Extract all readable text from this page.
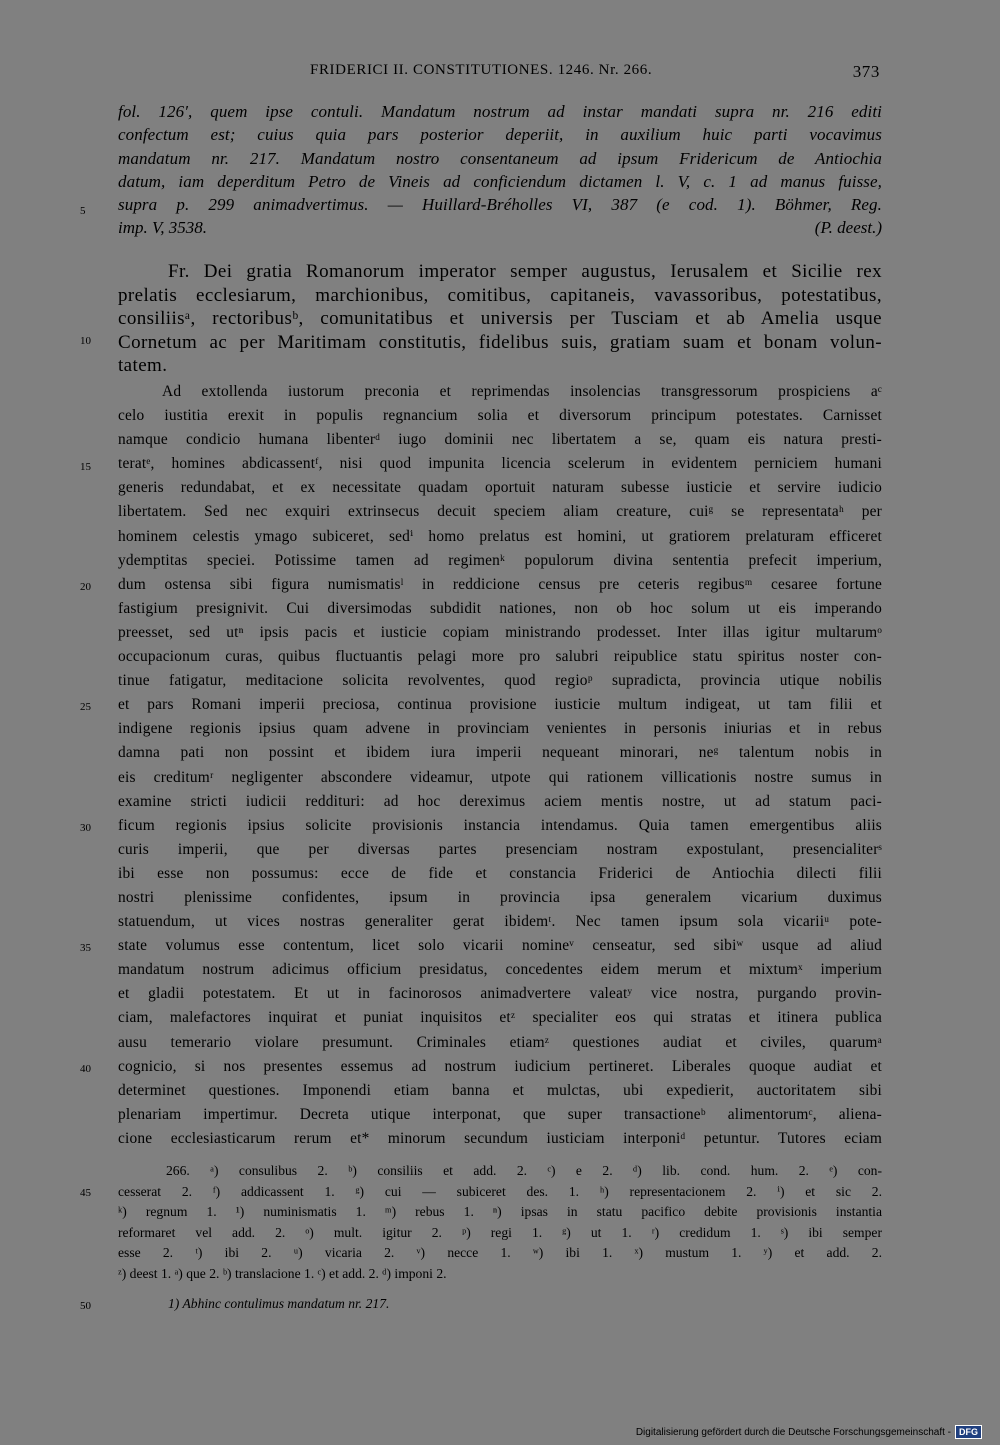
FRIDERICI II. CONSTITUTIONES. 1246. Nr. 266.	373
fol. 126′, quem ipse contuli. Mandatum nostrum ad instar mandati supra nr. 216 editi
confectum est; cuius quia pars posterior deperiit, in auxilium huic parti vocavimus
mandatum nr. 217. Mandatum nostro consentaneum ad ipsum Fridericum de Antiochia
datum, iam deperditum Petro de Vineis ad conficiendum dictamen l. V, c. 1 ad manus fuisse,
supra p. 299 animadvertimus. — Huillard-Bréholles VI, 387 (e cod. 1). Böhmer, Reg.
imp. V, 3538.	(P. deest.)
Fr. Dei gratia Romanorum imperator semper augustus, Ierusalem et Sicilie rex
prelatis ecclesiarum, marchionibus, comitibus, capitaneis, vavassoribus, potestatibus,
consiliisᵃ, rectoribusᵇ, comunitatibus et universis per Tusciam et ab Amelia usque
Cornetum ac per Maritimam constitutis, fidelibus suis, gratiam suam et bonam volun-
tatem.
Ad extollenda iustorum preconia et reprimendas insolencias transgressorum prospiciens aᶜ
celo iustitia erexit in populis regnancium solia et diversorum principum potestates. Carnisset
namque condicio humana libenterᵈ iugo dominii nec libertatem a se, quam eis natura presti-
teratᵉ, homines abdicassentᶠ, nisi quod impunita licencia scelerum in evidentem perniciem humani
generis redundabat, et ex necessitate quadam oportuit naturam subesse iusticie et servire iudicio
libertatem. Sed nec exquiri extrinsecus decuit speciem aliam creature, cuiᵍ se representataʰ per
hominem celestis ymago subiceret, sedⁱ homo prelatus est homini, ut gratiorem prelaturam efficeret
ydemptitas speciei. Potissime tamen ad regimenᵏ populorum divina sententia prefecit imperium,
dum ostensa sibi figura numismatisˡ in reddicione census pre ceteris regibusᵐ cesaree fortune
fastigium presignivit. Cui diversimodas subdidit nationes, non ob hoc solum ut eis imperando
preesset, sed utⁿ ipsis pacis et iusticie copiam ministrando prodesset. Inter illas igitur multarumᵒ
occupacionum curas, quibus fluctuantis pelagi more pro salubri reipublice statu spiritus noster con-
tinue fatigatur, meditacione solicita revolventes, quod regioᵖ supradicta, provincia utique nobilis
et pars Romani imperii preciosa, continua provisione iusticie multum indigeat, ut tam filii et
indigene regionis ipsius quam advene in provinciam venientes in personis iniurias et in rebus
damna pati non possint et ibidem iura imperii nequeant minorari, neᵍ talentum nobis in
eis creditumʳ negligenter abscondere videamur, utpote qui rationem villicationis nostre sumus in
examine stricti iudicii reddituri: ad hoc dereximus aciem mentis nostre, ut ad statum paci-
ficum regionis ipsius solicite provisionis instancia intendamus. Quia tamen emergentibus aliis
curis imperii, que per diversas partes presenciam nostram expostulant, presencialiterˢ
ibi esse non possumus: ecce de fide et constancia Friderici de Antiochia dilecti filii
nostri plenissime confidentes, ipsum in provincia ipsa generalem vicarium duximus
statuendum, ut vices nostras generaliter gerat ibidemᵗ. Nec tamen ipsum sola vicariiᵘ pote-
state volumus esse contentum, licet solo vicarii nomineᵛ censeatur, sed sibiʷ usque ad aliud
mandatum nostrum adicimus officium presidatus, concedentes eidem merum et mixtumˣ imperium
et gladii potestatem. Et ut in facinorosos animadvertere valeatʸ vice nostra, purgando provin-
ciam, malefactores inquirat et puniat inquisitos etᶻ specialiter eos qui stratas et itinera publica
ausu temerario violare presumunt. Criminales etiamᶻ questiones audiat et civiles, quarumᵃ
cognicio, si nos presentes essemus ad nostrum iudicium pertineret. Liberales quoque audiat et
determinet questiones. Imponendi etiam banna et mulctas, ubi expedierit, auctoritatem sibi
plenariam impertimur. Decreta utique interponat, que super transactioneᵇ alimentorumᶜ, aliena-
cione ecclesiasticarum rerum et* minorum secundum iusticiam interponiᵈ petuntur. Tutores eciam
266. ᵃ) consulibus 2. ᵇ) consiliis et add. 2. ᶜ) e 2. ᵈ) lib. cond. hum. 2. ᵉ) con-
cesserat 2. ᶠ) addicassent 1. ᵍ) cui — subiceret des. 1. ʰ) representacionem 2. ⁱ) et sic 2.
ᵏ) regnum 1. ¹) numinismatis 1. ᵐ) rebus 1. ⁿ) ipsas in statu pacifico debite provisionis instantia
reformaret vel add. 2. ᵒ) mult. igitur 2. ᵖ) regi 1. ᵍ) ut 1. ʳ) credidum 1. ˢ) ibi semper
esse 2. ᵗ) ibi 2. ᵘ) vicaria 2. ᵛ) necce 1. ʷ) ibi 1. ˣ) mustum 1. ʸ) et add. 2.
ᶻ) deest 1. ᵃ) que 2. ᵇ) translacione 1. ᶜ) et add. 2. ᵈ) imponi 2.
1) Abhinc contulimus mandatum nr. 217.
5
10
15
20
25
30
35
40
45
50
Digitalisierung gefördert durch die Deutsche Forschungsgemeinschaft - DFG
